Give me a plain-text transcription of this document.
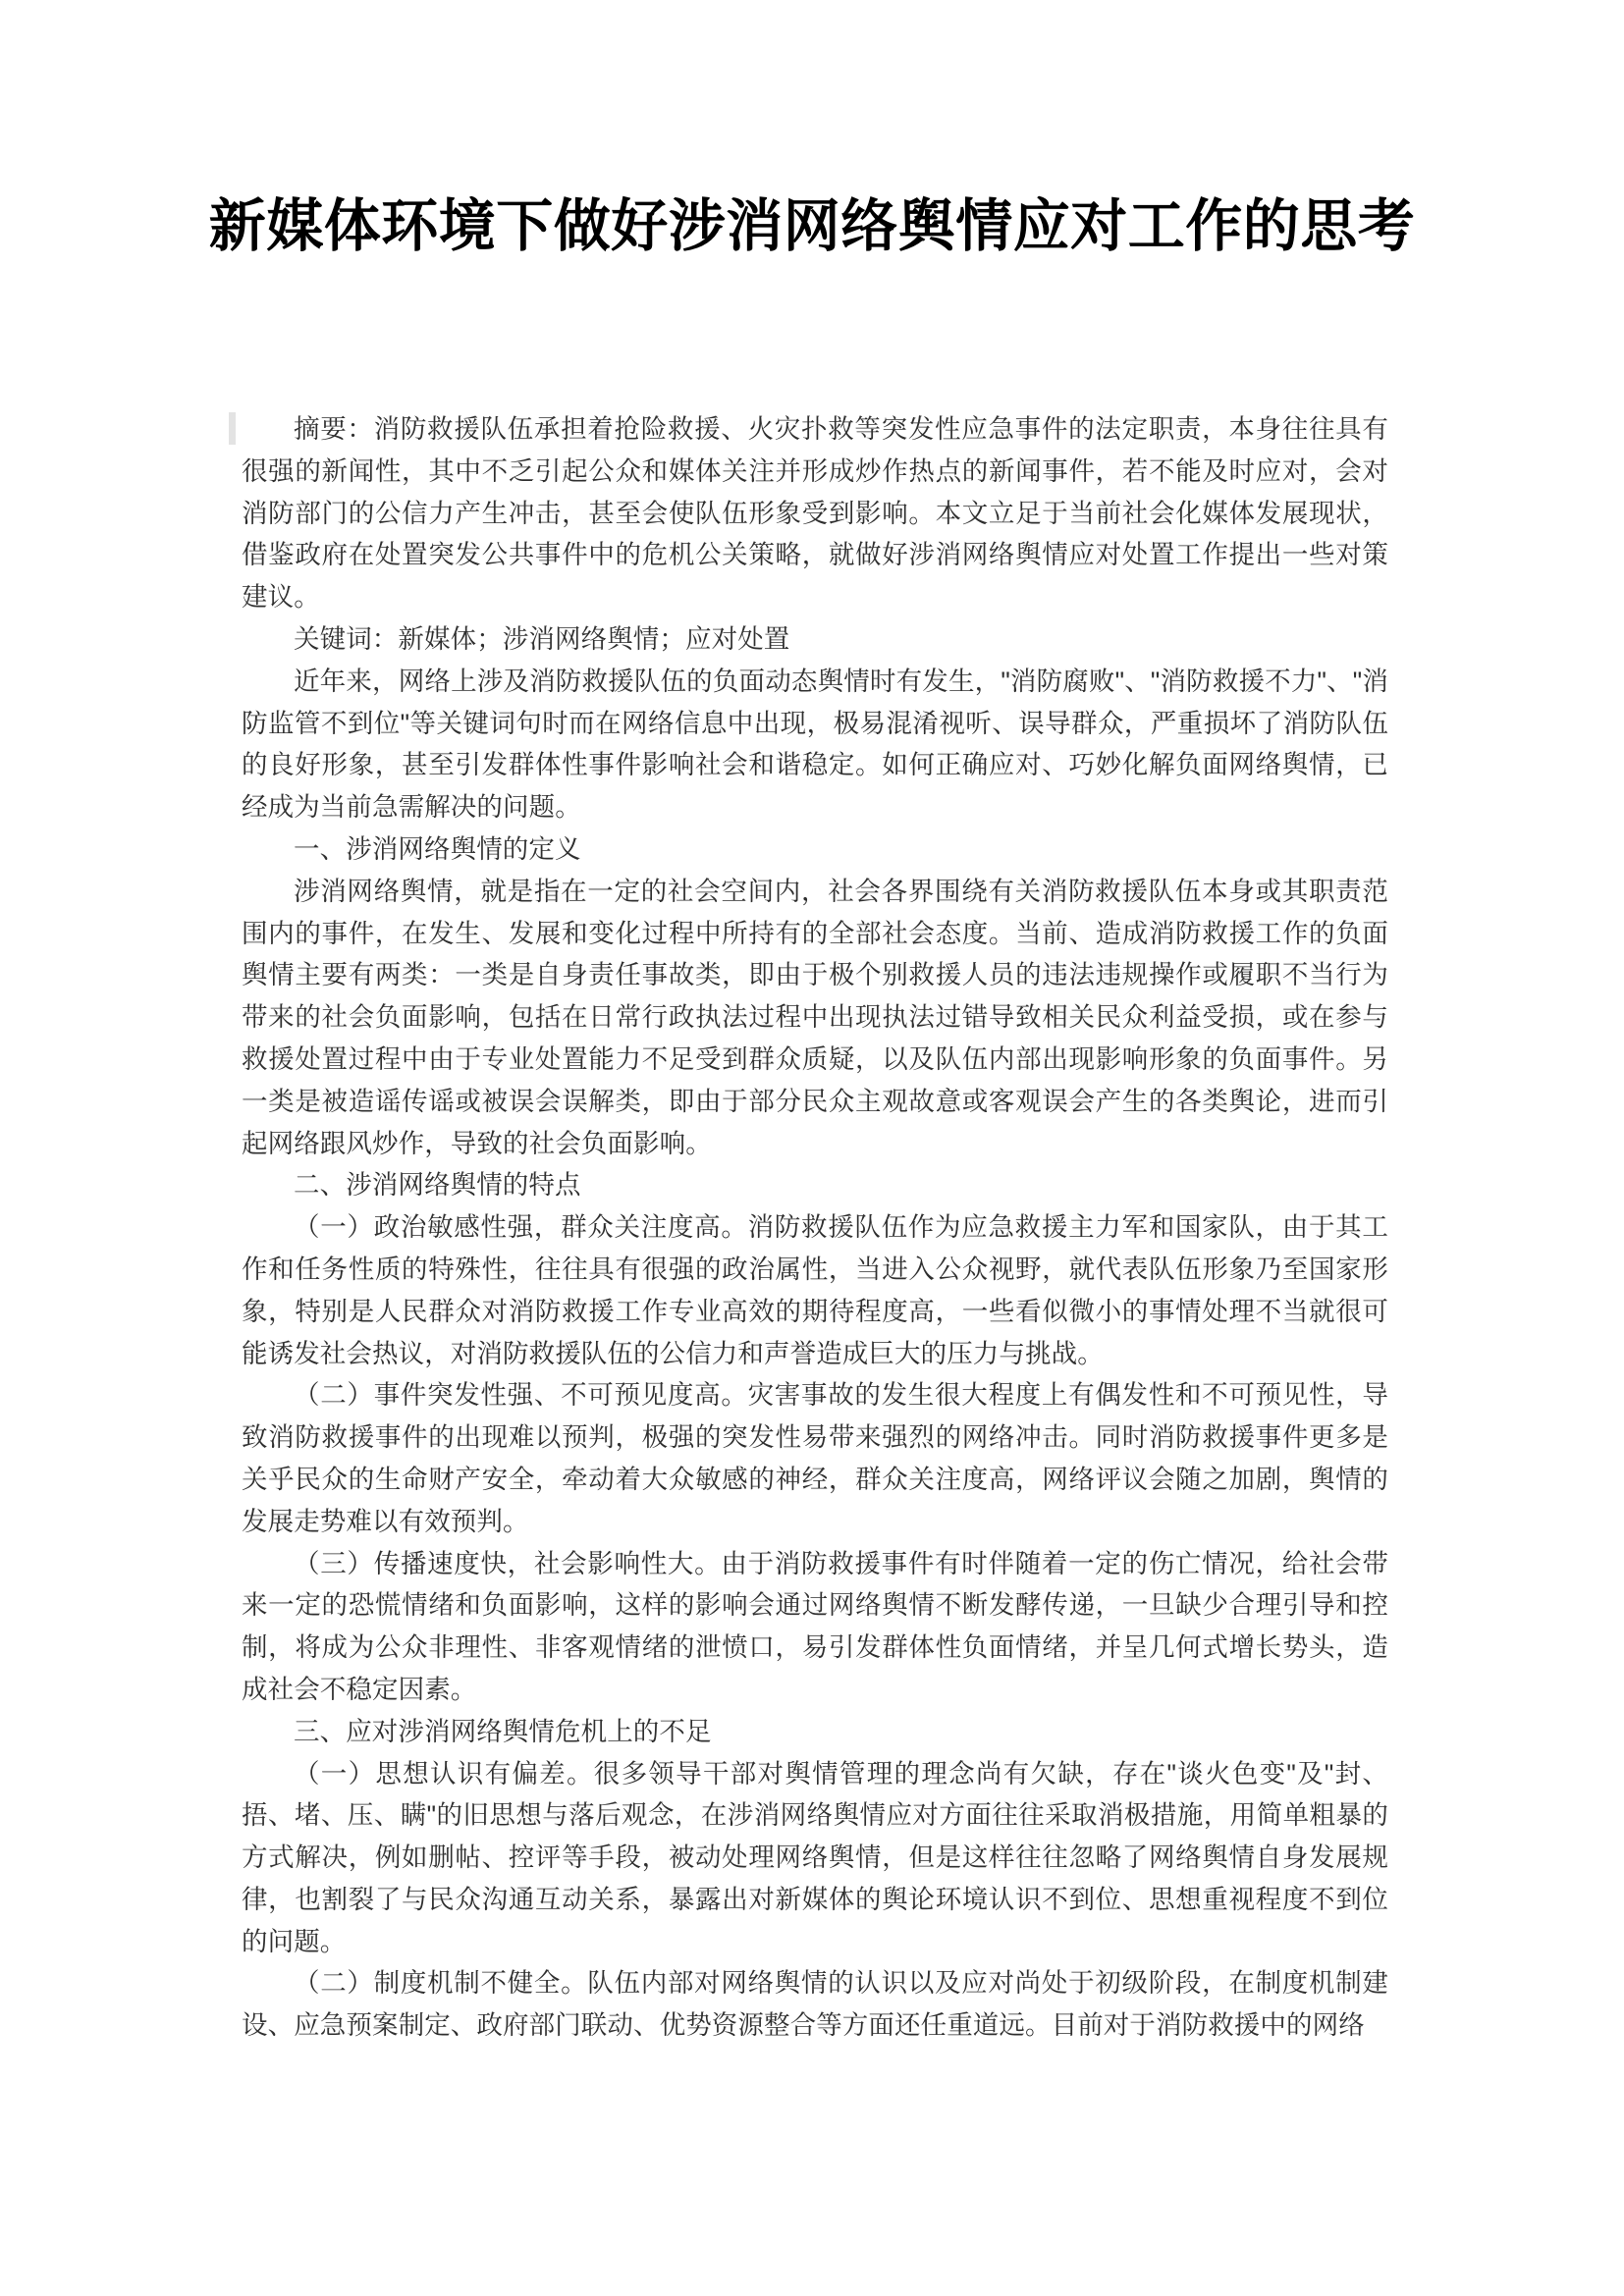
新媒体环境下做好涉消网络舆情应对工作的思考

摘要：消防救援队伍承担着抢险救援、火灾扑救等突发性应急事件的法定职责，本身往往具有很强的新闻性，其中不乏引起公众和媒体关注并形成炒作热点的新闻事件，若不能及时应对，会对消防部门的公信力产生冲击，甚至会使队伍形象受到影响。本文立足于当前社会化媒体发展现状，借鉴政府在处置突发公共事件中的危机公关策略，就做好涉消网络舆情应对处置工作提出一些对策建议。

关键词：新媒体；涉消网络舆情；应对处置

近年来，网络上涉及消防救援队伍的负面动态舆情时有发生，"消防腐败"、"消防救援不力"、"消防监管不到位"等关键词句时而在网络信息中出现，极易混淆视听、误导群众，严重损坏了消防队伍的良好形象，甚至引发群体性事件影响社会和谐稳定。如何正确应对、巧妙化解负面网络舆情，已经成为当前急需解决的问题。

一、涉消网络舆情的定义

涉消网络舆情，就是指在一定的社会空间内，社会各界围绕有关消防救援队伍本身或其职责范围内的事件，在发生、发展和变化过程中所持有的全部社会态度。当前、造成消防救援工作的负面舆情主要有两类：一类是自身责任事故类，即由于极个别救援人员的违法违规操作或履职不当行为带来的社会负面影响，包括在日常行政执法过程中出现执法过错导致相关民众利益受损，或在参与救援处置过程中由于专业处置能力不足受到群众质疑，以及队伍内部出现影响形象的负面事件。另一类是被造谣传谣或被误会误解类，即由于部分民众主观故意或客观误会产生的各类舆论，进而引起网络跟风炒作，导致的社会负面影响。

二、涉消网络舆情的特点

（一）政治敏感性强，群众关注度高。消防救援队伍作为应急救援主力军和国家队，由于其工作和任务性质的特殊性，往往具有很强的政治属性，当进入公众视野，就代表队伍形象乃至国家形象，特别是人民群众对消防救援工作专业高效的期待程度高，一些看似微小的事情处理不当就很可能诱发社会热议，对消防救援队伍的公信力和声誉造成巨大的压力与挑战。

（二）事件突发性强、不可预见度高。灾害事故的发生很大程度上有偶发性和不可预见性，导致消防救援事件的出现难以预判，极强的突发性易带来强烈的网络冲击。同时消防救援事件更多是关乎民众的生命财产安全，牵动着大众敏感的神经，群众关注度高，网络评议会随之加剧，舆情的发展走势难以有效预判。

（三）传播速度快，社会影响性大。由于消防救援事件有时伴随着一定的伤亡情况，给社会带来一定的恐慌情绪和负面影响，这样的影响会通过网络舆情不断发酵传递，一旦缺少合理引导和控制，将成为公众非理性、非客观情绪的泄愤口，易引发群体性负面情绪，并呈几何式增长势头，造成社会不稳定因素。

三、应对涉消网络舆情危机上的不足

（一）思想认识有偏差。很多领导干部对舆情管理的理念尚有欠缺，存在"谈火色变"及"封、捂、堵、压、瞒"的旧思想与落后观念，在涉消网络舆情应对方面往往采取消极措施，用简单粗暴的方式解决，例如删帖、控评等手段，被动处理网络舆情，但是这样往往忽略了网络舆情自身发展规律，也割裂了与民众沟通互动关系，暴露出对新媒体的舆论环境认识不到位、思想重视程度不到位的问题。

（二）制度机制不健全。队伍内部对网络舆情的认识以及应对尚处于初级阶段，在制度机制建设、应急预案制定、政府部门联动、优势资源整合等方面还任重道远。目前对于消防救援中的网络
